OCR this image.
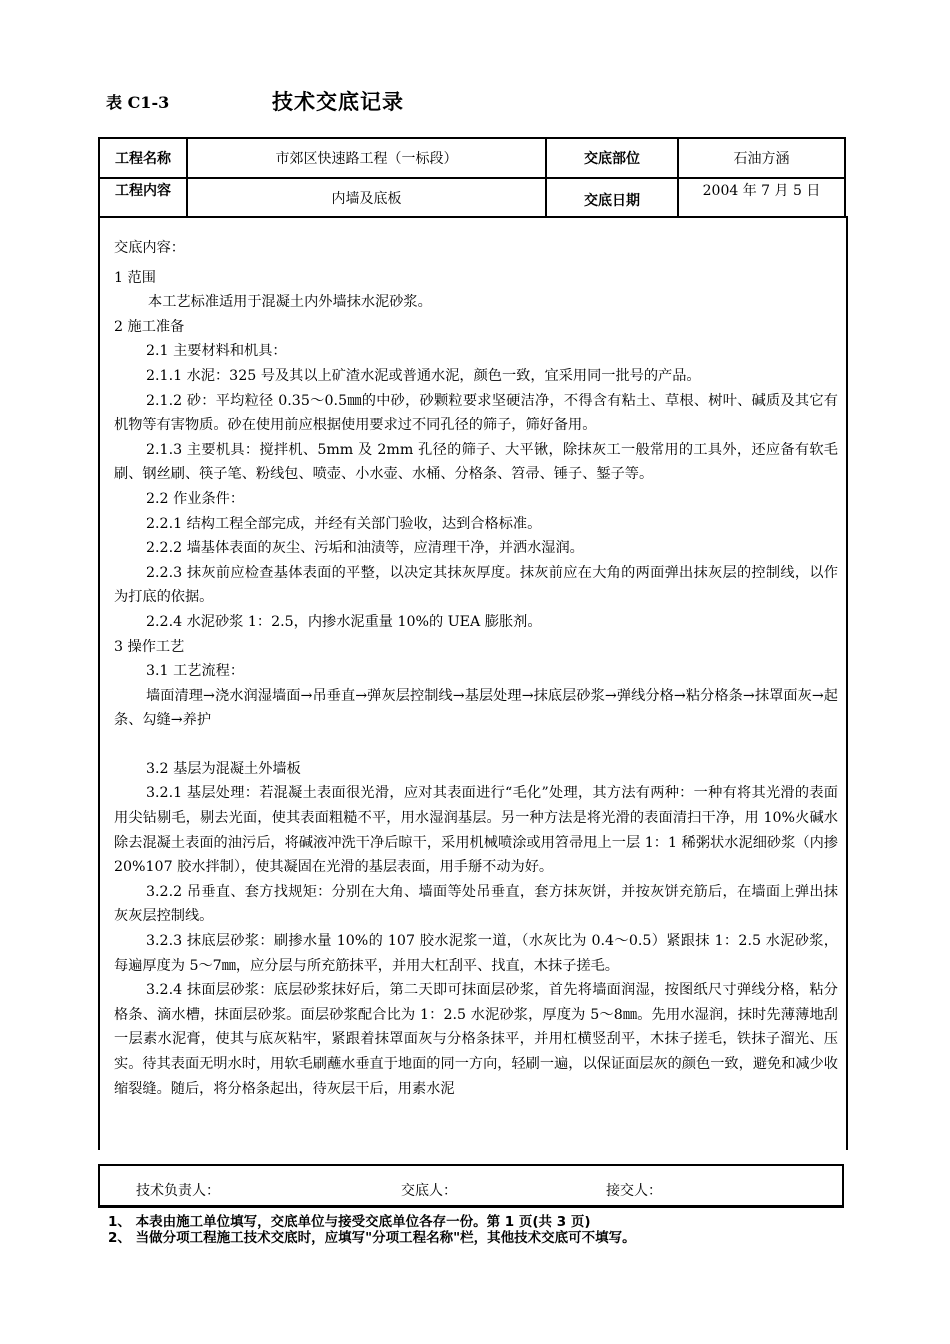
表 C1-3	技术交底记录
工程名称	市郊区快速路工程（一标段）	交底部位	石油方涵
工程内容	内墙及底板	交底日期	2004 年 7 月 5 日

交底内容：

1 范围

本工艺标准适用于混凝土内外墙抹水泥砂浆。

2 施工准备

2.1 主要材料和机具：

2.1.1 水泥：325 号及其以上矿渣水泥或普通水泥，颜色一致，宜采用同一批号的产品。

2.1.2 砂：平均粒径 0.35～0.5㎜的中砂，砂颗粒要求坚硬洁净，不得含有粘土、草根、树叶、碱质及其它有机物等有害物质。砂在使用前应根据使用要求过不同孔径的筛子，筛好备用。

2.1.3 主要机具：搅拌机、5mm 及 2mm 孔径的筛子、大平锹，除抹灰工一般常用的工具外，还应备有软毛刷、钢丝刷、筷子笔、粉线包、喷壶、小水壶、水桶、分格条、笤帚、锤子、錾子等。

2.2 作业条件：

2.2.1 结构工程全部完成，并经有关部门验收，达到合格标准。

2.2.2 墙基体表面的灰尘、污垢和油渍等，应清理干净，并洒水湿润。

2.2.3 抹灰前应检查基体表面的平整，以决定其抹灰厚度。抹灰前应在大角的两面弹出抹灰层的控制线，以作为打底的依据。

2.2.4 水泥砂浆 1：2.5，内掺水泥重量 10%的 UEA 膨胀剂。

3 操作工艺

3.1 工艺流程：

墙面清理→浇水润湿墙面→吊垂直→弹灰层控制线→基层处理→抹底层砂浆→弹线分格→粘分格条→抹罩面灰→起条、勾缝→养护

3.2 基层为混凝土外墙板

3.2.1 基层处理：若混凝土表面很光滑，应对其表面进行“毛化”处理，其方法有两种：一种有将其光滑的表面用尖钻剔毛，剔去光面，使其表面粗糙不平，用水湿润基层。另一种方法是将光滑的表面清扫干净，用 10%火碱水除去混凝土表面的油污后，将碱液冲洗干净后晾干，采用机械喷涂或用笤帚甩上一层 1：1 稀粥状水泥细砂浆（内掺 20%107 胶水拌制），使其凝固在光滑的基层表面，用手掰不动为好。

3.2.2 吊垂直、套方找规矩：分别在大角、墙面等处吊垂直，套方抹灰饼，并按灰饼充筋后，在墙面上弹出抹灰灰层控制线。

3.2.3 抹底层砂浆：刷掺水量 10%的 107 胶水泥浆一道，（水灰比为 0.4～0.5）紧跟抹 1：2.5 水泥砂浆，每遍厚度为 5～7㎜，应分层与所充筋抹平，并用大杠刮平、找直，木抹子搓毛。

3.2.4 抹面层砂浆：底层砂浆抹好后，第二天即可抹面层砂浆，首先将墙面润湿，按图纸尺寸弹线分格，粘分格条、滴水槽，抹面层砂浆。面层砂浆配合比为 1：2.5 水泥砂浆，厚度为 5～8㎜。先用水湿润，抹时先薄薄地刮一层素水泥膏，使其与底灰粘牢，紧跟着抹罩面灰与分格条抹平，并用杠横竖刮平，木抹子搓毛，铁抹子溜光、压实。待其表面无明水时，用软毛刷蘸水垂直于地面的同一方向，轻刷一遍，以保证面层灰的颜色一致，避免和减少收缩裂缝。随后，将分格条起出，待灰层干后，用素水泥

技术负责人：	交底人：	接交人：
1、 本表由施工单位填写，交底单位与接受交底单位各存一份。第 1 页(共 3 页)
2、 当做分项工程施工技术交底时，应填写"分项工程名称"栏，其他技术交底可不填写。
